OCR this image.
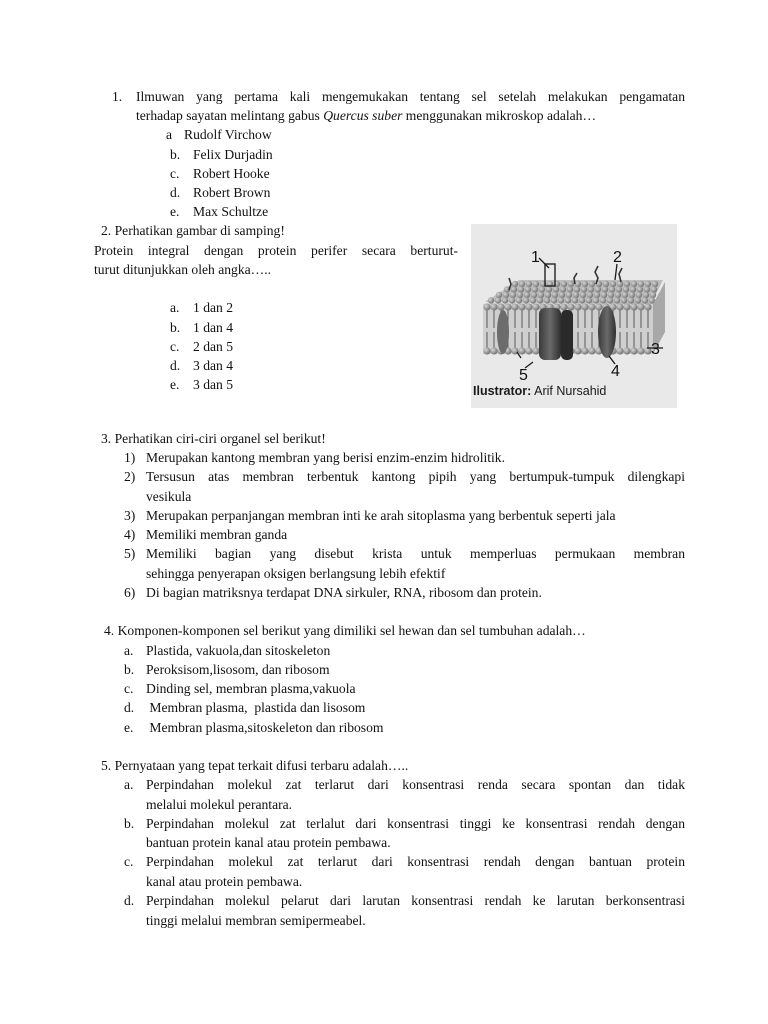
1. Ilmuwan yang pertama kali mengemukakan tentang sel setelah melakukan pengamatan
terhadap sayatan melintang gabus Quercus suber menggunakan mikroskop adalah…
a Rudolf Virchow
b. Felix Durjadin
c. Robert Hooke
d. Robert Brown
e. Max Schultze
2. Perhatikan gambar di samping!
Protein integral dengan protein perifer secara berturut-
turut ditunjukkan oleh angka…..
a. 1 dan 2
b. 1 dan 4
c. 2 dan 5
d. 3 dan 4
e. 3 dan 5
1	2
3
4
5
Ilustrator: Arif Nursahid
3. Perhatikan ciri-ciri organel sel berikut!
1) Merupakan kantong membran yang berisi enzim-enzim hidrolitik.
2) Tersusun atas membran terbentuk kantong pipih yang bertumpuk-tumpuk dilengkapi
vesikula
3) Merupakan perpanjangan membran inti ke arah sitoplasma yang berbentuk seperti jala
4) Memiliki membran ganda
5) Memiliki bagian yang disebut krista untuk memperluas permukaan membran
sehingga penyerapan oksigen berlangsung lebih efektif
6) Di bagian matriksnya terdapat DNA sirkuler, RNA, ribosom dan protein.
4. Komponen-komponen sel berikut yang dimiliki sel hewan dan sel tumbuhan adalah…
a. Plastida, vakuola,dan sitoskeleton
b. Peroksisom,lisosom, dan ribosom
c. Dinding sel, membran plasma,vakuola
d. Membran plasma,  plastida dan lisosom
e. Membran plasma,sitoskeleton dan ribosom
5. Pernyataan yang tepat terkait difusi terbaru adalah…..
a. Perpindahan molekul zat terlarut dari konsentrasi renda secara spontan dan tidak
melalui molekul perantara.
b. Perpindahan molekul zat terlalut dari konsentrasi tinggi ke konsentrasi rendah dengan
bantuan protein kanal atau protein pembawa.
c. Perpindahan molekul zat terlarut dari konsentrasi rendah dengan bantuan protein
kanal atau protein pembawa.
d. Perpindahan molekul pelarut dari larutan konsentrasi rendah ke larutan berkonsentrasi
tinggi melalui membran semipermeabel.
